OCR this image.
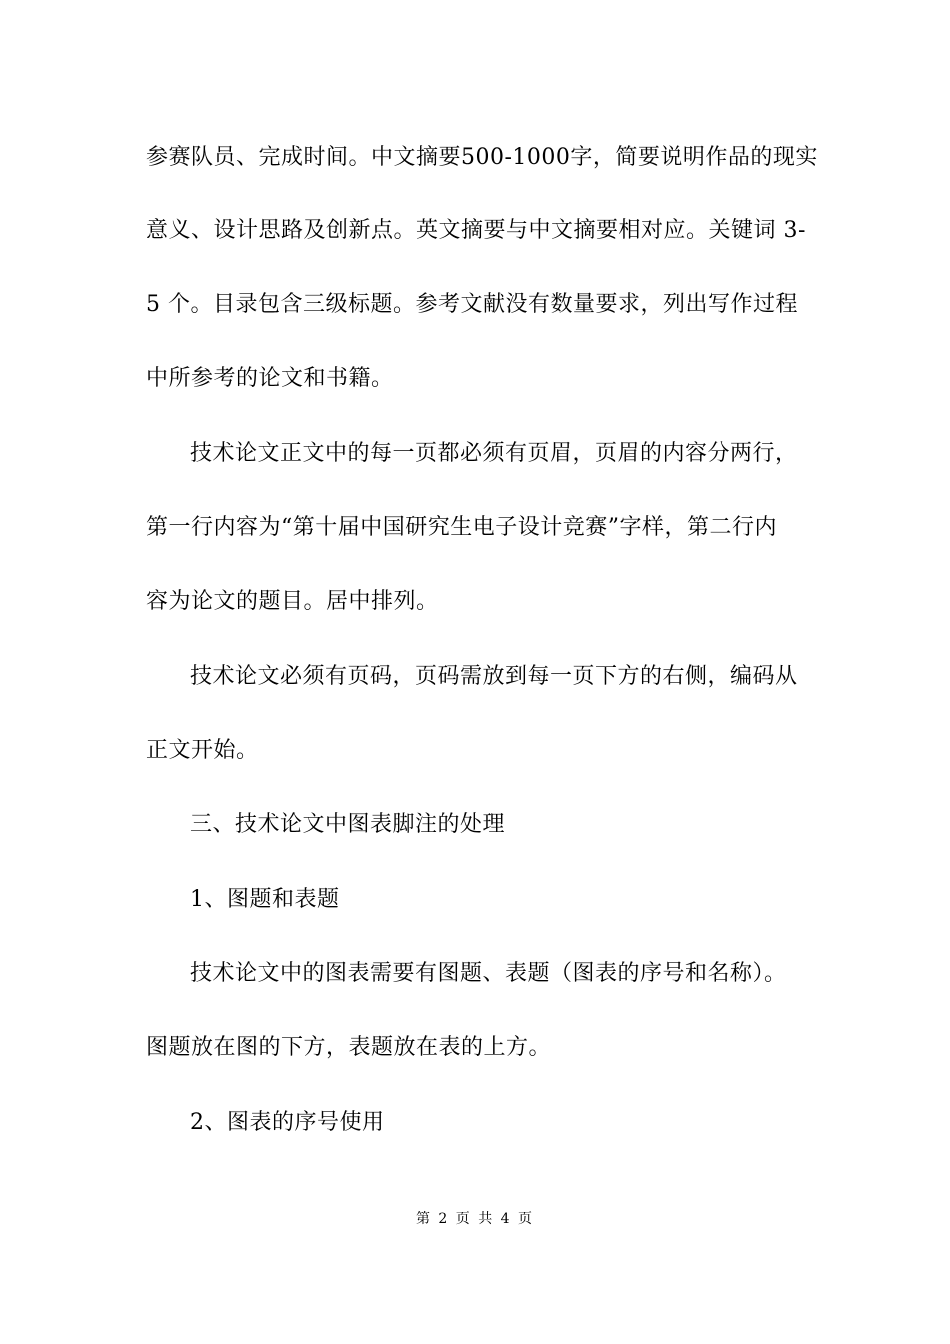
参赛队员、完成时间。中文摘要500-1000字，简要说明作品的现实
意义、设计思路及创新点。英文摘要与中文摘要相对应。关键词 3-
5 个。目录包含三级标题。参考文献没有数量要求，列出写作过程
中所参考的论文和书籍。
技术论文正文中的每一页都必须有页眉，页眉的内容分两行，
第一行内容为“第十届中国研究生电子设计竞赛”字样，第二行内
容为论文的题目。居中排列。
技术论文必须有页码，页码需放到每一页下方的右侧，编码从
正文开始。
三、技术论文中图表脚注的处理
1、图题和表题
技术论文中的图表需要有图题、表题（图表的序号和名称）。
图题放在图的下方，表题放在表的上方。
2、图表的序号使用
第 2 页 共 4 页
